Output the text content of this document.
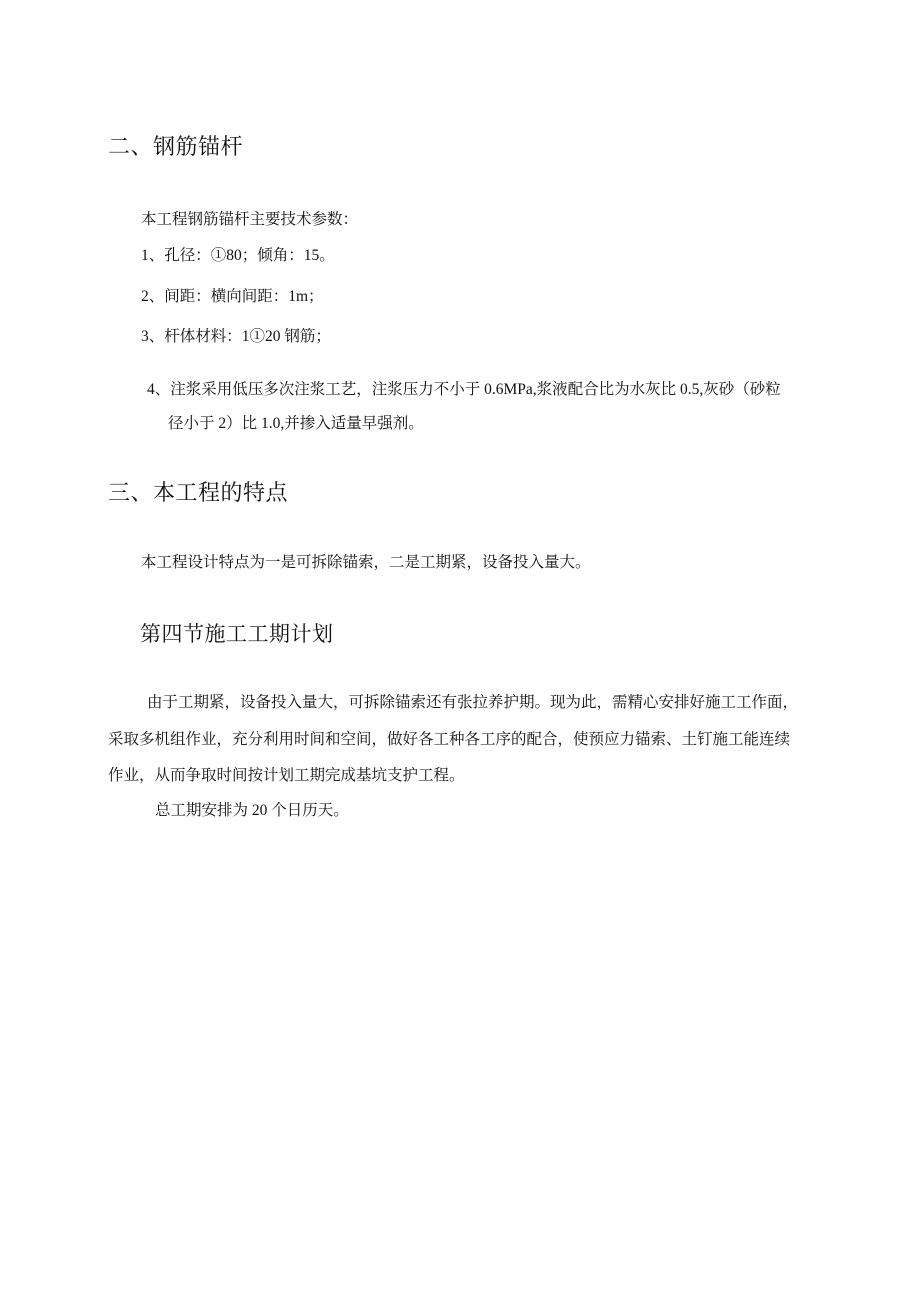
二、钢筋锚杆
本工程钢筋锚杆主要技术参数：
1、孔径：①80；倾角：15。
2、间距：横向间距：1m；
3、杆体材料：1①20 钢筋；
4、注浆采用低压多次注浆工艺，注浆压力不小于 0.6MPa,浆液配合比为水灰比 0.5,灰砂（砂粒
径小于 2）比 1.0,并掺入适量早强剂。
三、本工程的特点
本工程设计特点为一是可拆除锚索，二是工期紧，设备投入量大。
第四节施工工期计划
由于工期紧，设备投入量大，可拆除锚索还有张拉养护期。现为此，需精心安排好施工工作面，
采取多机组作业，充分利用时间和空间，做好各工种各工序的配合，使预应力锚索、土钉施工能连续
作业，从而争取时间按计划工期完成基坑支护工程。
总工期安排为 20 个日历天。
